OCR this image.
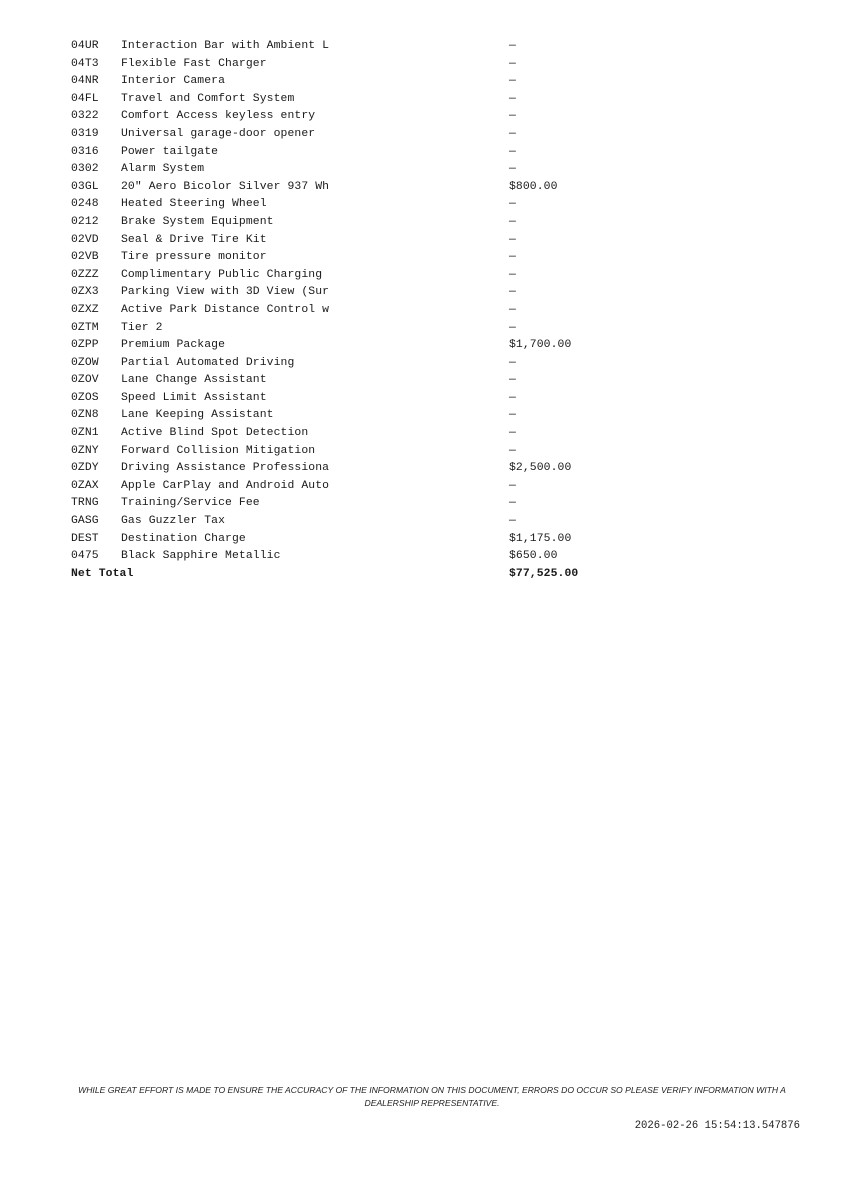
04UR Interaction Bar with Ambient L	—
04T3 Flexible Fast Charger	—
04NR Interior Camera	—
04FL Travel and Comfort System	—
0322 Comfort Access keyless entry	—
0319 Universal garage-door opener	—
0316 Power tailgate	—
0302 Alarm System	—
03GL 20" Aero Bicolor Silver 937 Wh	$800.00
0248 Heated Steering Wheel	—
0212 Brake System Equipment	—
02VD Seal & Drive Tire Kit	—
02VB Tire pressure monitor	—
0ZZZ Complimentary Public Charging	—
0ZX3 Parking View with 3D View (Sur	—
0ZXZ Active Park Distance Control w	—
0ZTM Tier 2	—
0ZPP Premium Package	$1,700.00
0ZOW Partial Automated Driving	—
0ZOV Lane Change Assistant	—
0ZOS Speed Limit Assistant	—
0ZN8 Lane Keeping Assistant	—
0ZN1 Active Blind Spot Detection	—
0ZNY Forward Collision Mitigation	—
0ZDY Driving Assistance Professiona	$2,500.00
0ZAX Apple CarPlay and Android Auto	—
TRNG Training/Service Fee	—
GASG Gas Guzzler Tax	—
DEST Destination Charge	$1,175.00
0475 Black Sapphire Metallic	$650.00
Net Total	$77,525.00

WHILE GREAT EFFORT IS MADE TO ENSURE THE ACCURACY OF THE INFORMATION ON THIS DOCUMENT, ERRORS DO OCCUR SO PLEASE VERIFY INFORMATION WITH A DEALERSHIP REPRESENTATIVE.

2026-02-26 15:54:13.547876
